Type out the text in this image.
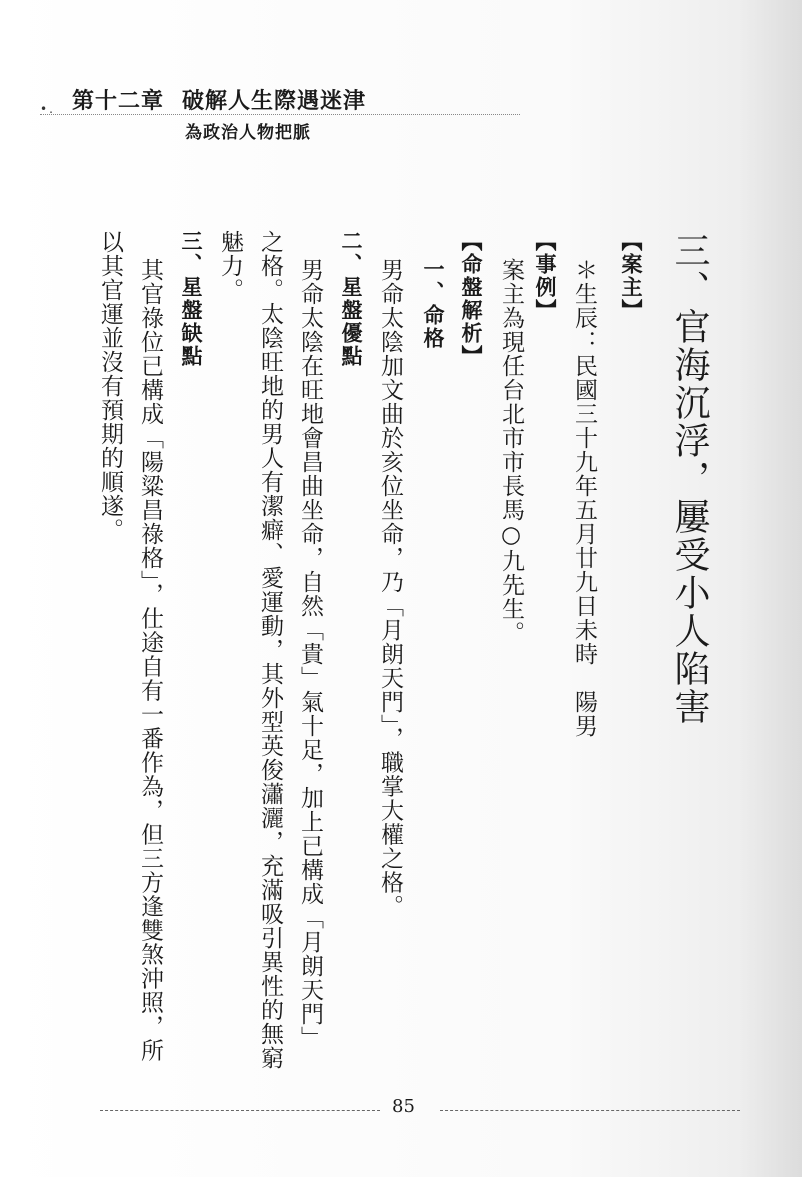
•. 第十二章 破解人生際遇迷津
為政治人物把脈
三、官海沉浮，屢受小人陷害
【案主】
＊生辰：民國三十九年五月廿九日未時　陽男
【事例】
案主為現任台北市市長馬○九先生。
【命盤解析】
一、命格
男命太陰加文曲於亥位坐命，乃「月朗天門」，職掌大權之格。
二、星盤優點
男命太陰在旺地會昌曲坐命，自然「貴」氣十足，加上已構成「月朗天門」
之格。太陰旺地的男人有潔癖、愛運動，其外型英俊瀟灑，充滿吸引異性的無窮
魅力。
三、星盤缺點
其官祿位已構成「陽粱昌祿格」，仕途自有一番作為，但三方逢雙煞沖照，所
以其官運並沒有預期的順遂。
85
